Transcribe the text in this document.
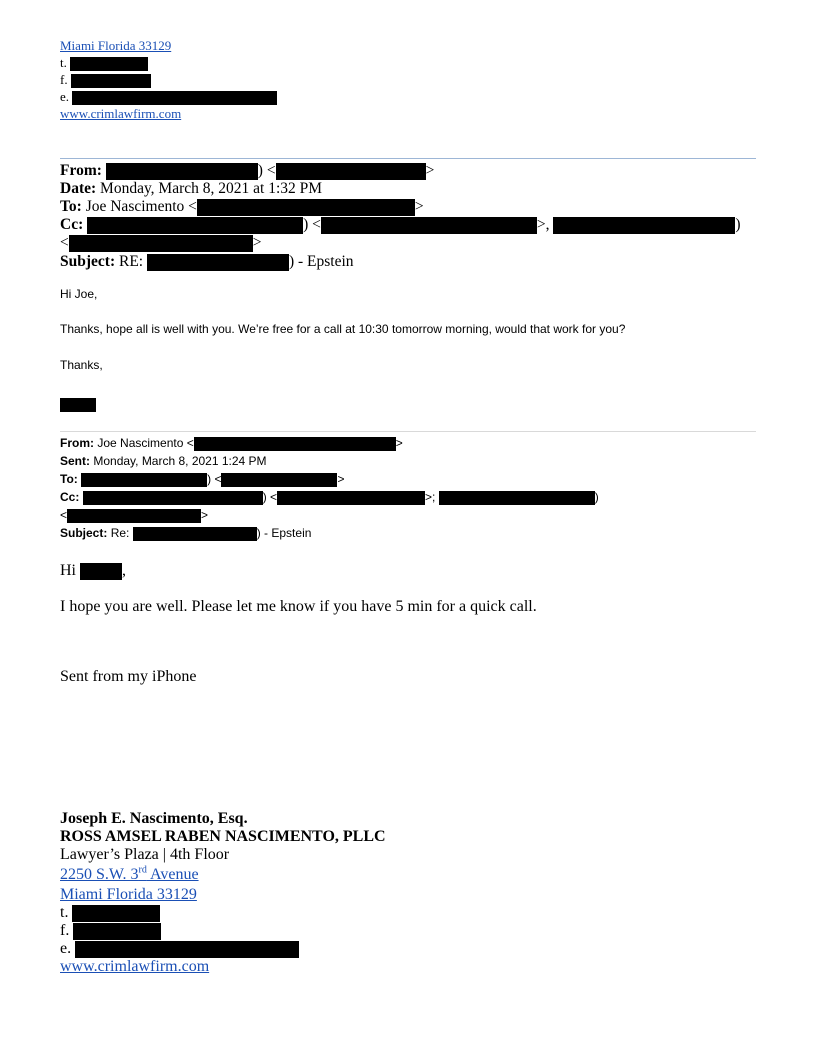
Miami Florida 33129
t.
f.
e.
www.crimlawfirm.com
From:	) <	>
Date: Monday, March 8, 2021 at 1:32 PM
To: Joe Nascimento <	>
Cc:	) <	>,	)
<	>
Subject: RE:	) - Epstein
Hi Joe,
Thanks, hope all is well with you. We’re free for a call at 10:30 tomorrow morning, would that work for you?
Thanks,
From: Joe Nascimento <	>
Sent: Monday, March 8, 2021 1:24 PM
To:	) <	>
Cc:	) <	>;	)
<	>
Subject: Re:	) - Epstein
Hi	,
I hope you are well. Please let me know if you have 5 min for a quick call.
Sent from my iPhone
Joseph E. Nascimento, Esq.
ROSS AMSEL RABEN NASCIMENTO, PLLC
Lawyer’s Plaza | 4th Floor
2250 S.W. 3rd Avenue
Miami Florida 33129
t.
f.
e.
www.crimlawfirm.com
